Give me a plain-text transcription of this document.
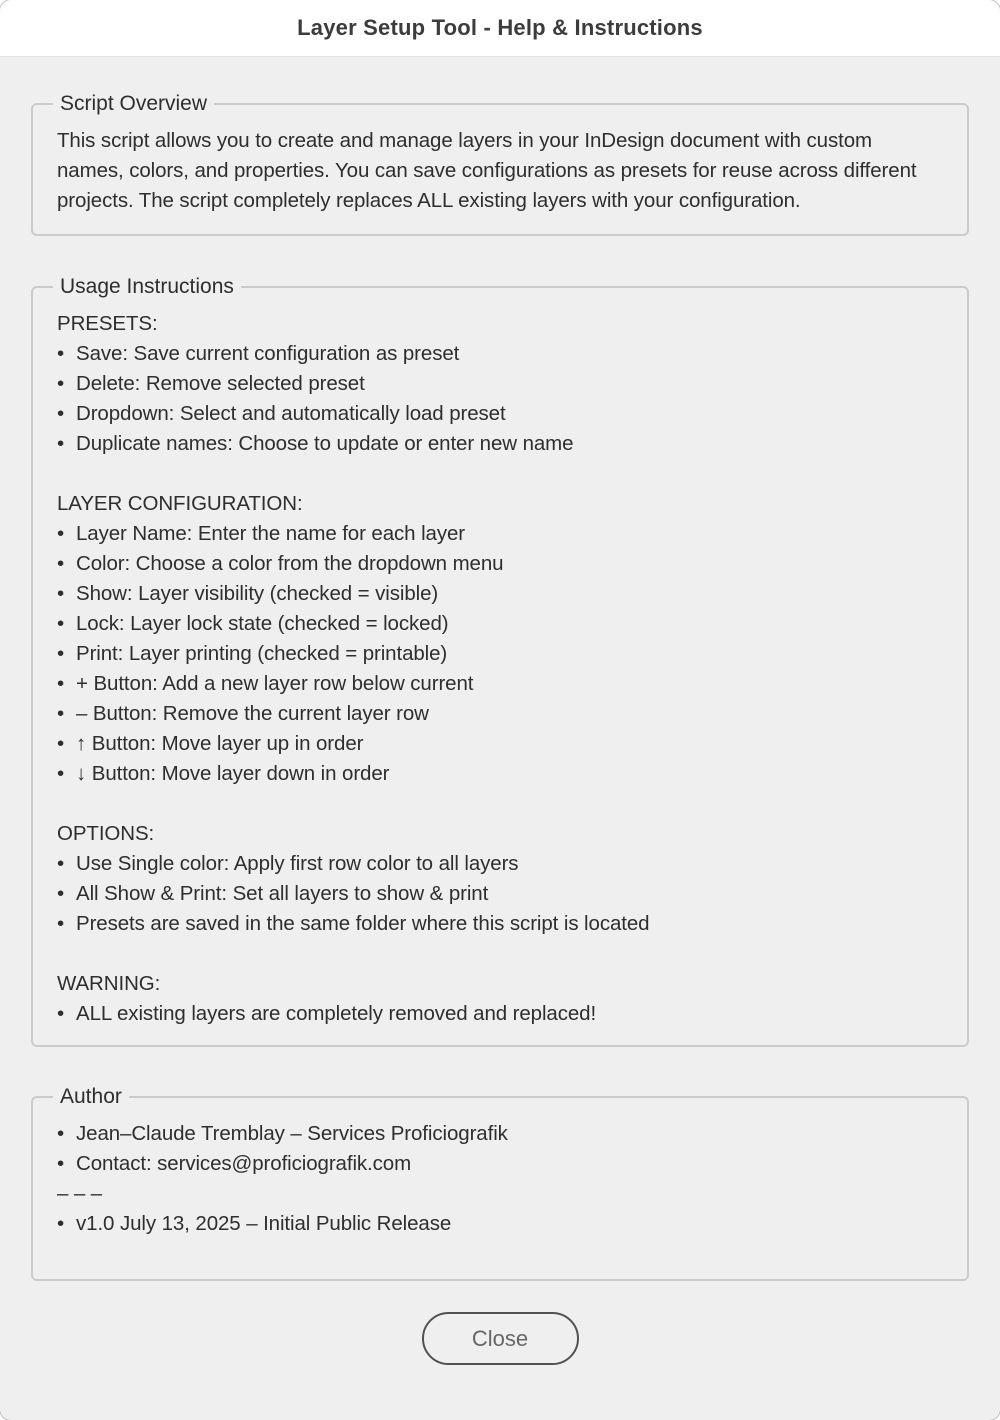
Layer Setup Tool - Help & Instructions
Script Overview

This script allows you to create and manage layers in your InDesign document with custom names, colors, and properties. You can save configurations as presets for reuse across different projects. The script completely replaces ALL existing layers with your configuration.

Usage Instructions
PRESETS:
• Save: Save current configuration as preset
• Delete: Remove selected preset
• Dropdown: Select and automatically load preset
• Duplicate names: Choose to update or enter new name
LAYER CONFIGURATION:
• Layer Name: Enter the name for each layer
• Color: Choose a color from the dropdown menu
• Show: Layer visibility (checked = visible)
• Lock: Layer lock state (checked = locked)
• Print: Layer printing (checked = printable)
• + Button: Add a new layer row below current
• – Button: Remove the current layer row
• ↑ Button: Move layer up in order
• ↓ Button: Move layer down in order
OPTIONS:
• Use Single color: Apply first row color to all layers
• All Show & Print: Set all layers to show & print
• Presets are saved in the same folder where this script is located
WARNING:
• ALL existing layers are completely removed and replaced!
Author
• Jean–Claude Tremblay – Services Proficiografik
• Contact: services@proficiografik.com
– – –
• v1.0 July 13, 2025 – Initial Public Release
Close
